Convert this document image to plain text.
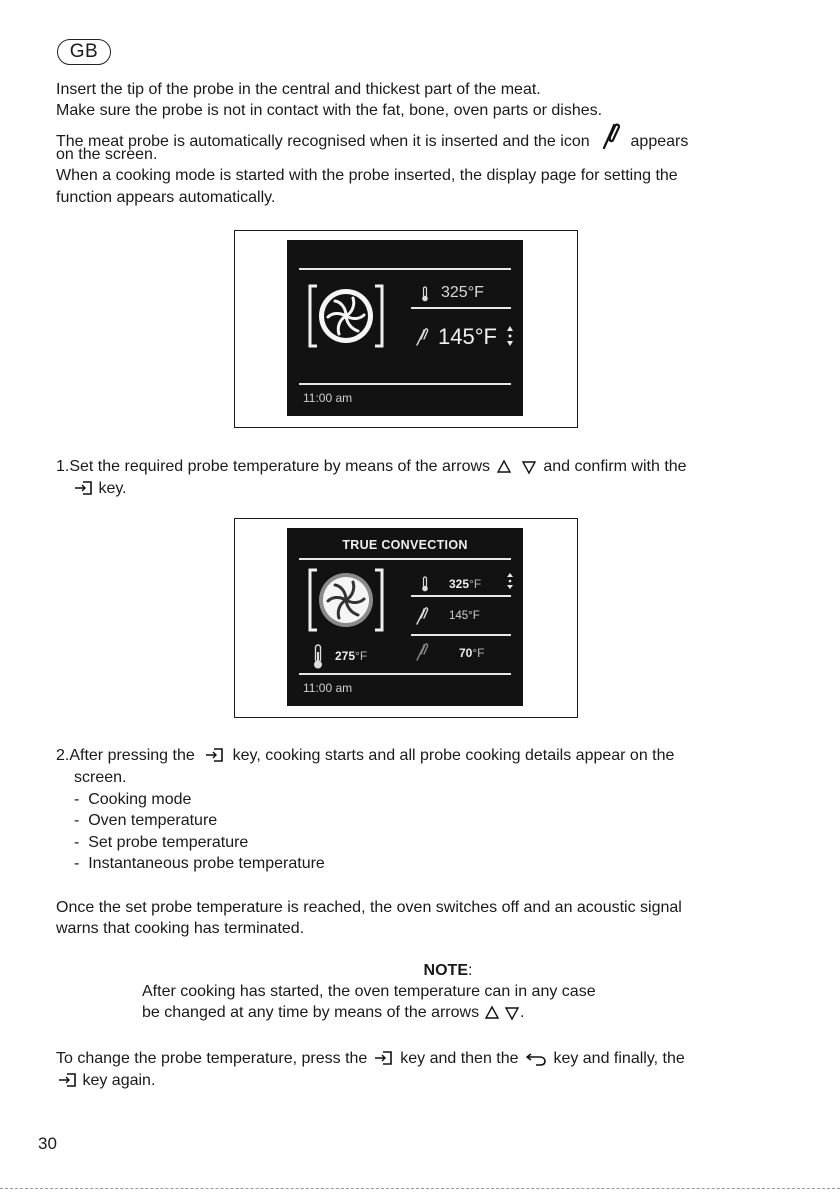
GB
Insert the tip of the probe in the central and thickest part of the meat.
Make sure the probe is not in contact with the fat, bone, oven parts or dishes.
The meat probe is automatically recognised when it is inserted and the icon	appears
on the screen.
When a cooking mode is started with the probe inserted, the display page for setting the
function appears automatically.
325°F
145°F
11:00 am
1.Set the required probe temperature by means of the arrows	and confirm with the
key.
TRUE CONVECTION
325°F
145°F
275°F	70°F
11:00 am
2.After pressing the key, cooking starts and all probe cooking details appear on the
screen.
-  Cooking mode
-  Oven temperature
-  Set probe temperature
-  Instantaneous probe temperature
Once the set probe temperature is reached, the oven switches off and an acoustic signal
warns that cooking has terminated.
NOTE:
After cooking has started, the oven temperature can in any case
be changed at any time by means of the arrows	.
To change the probe temperature, press the key and then the key and finally, the
key again.
30
